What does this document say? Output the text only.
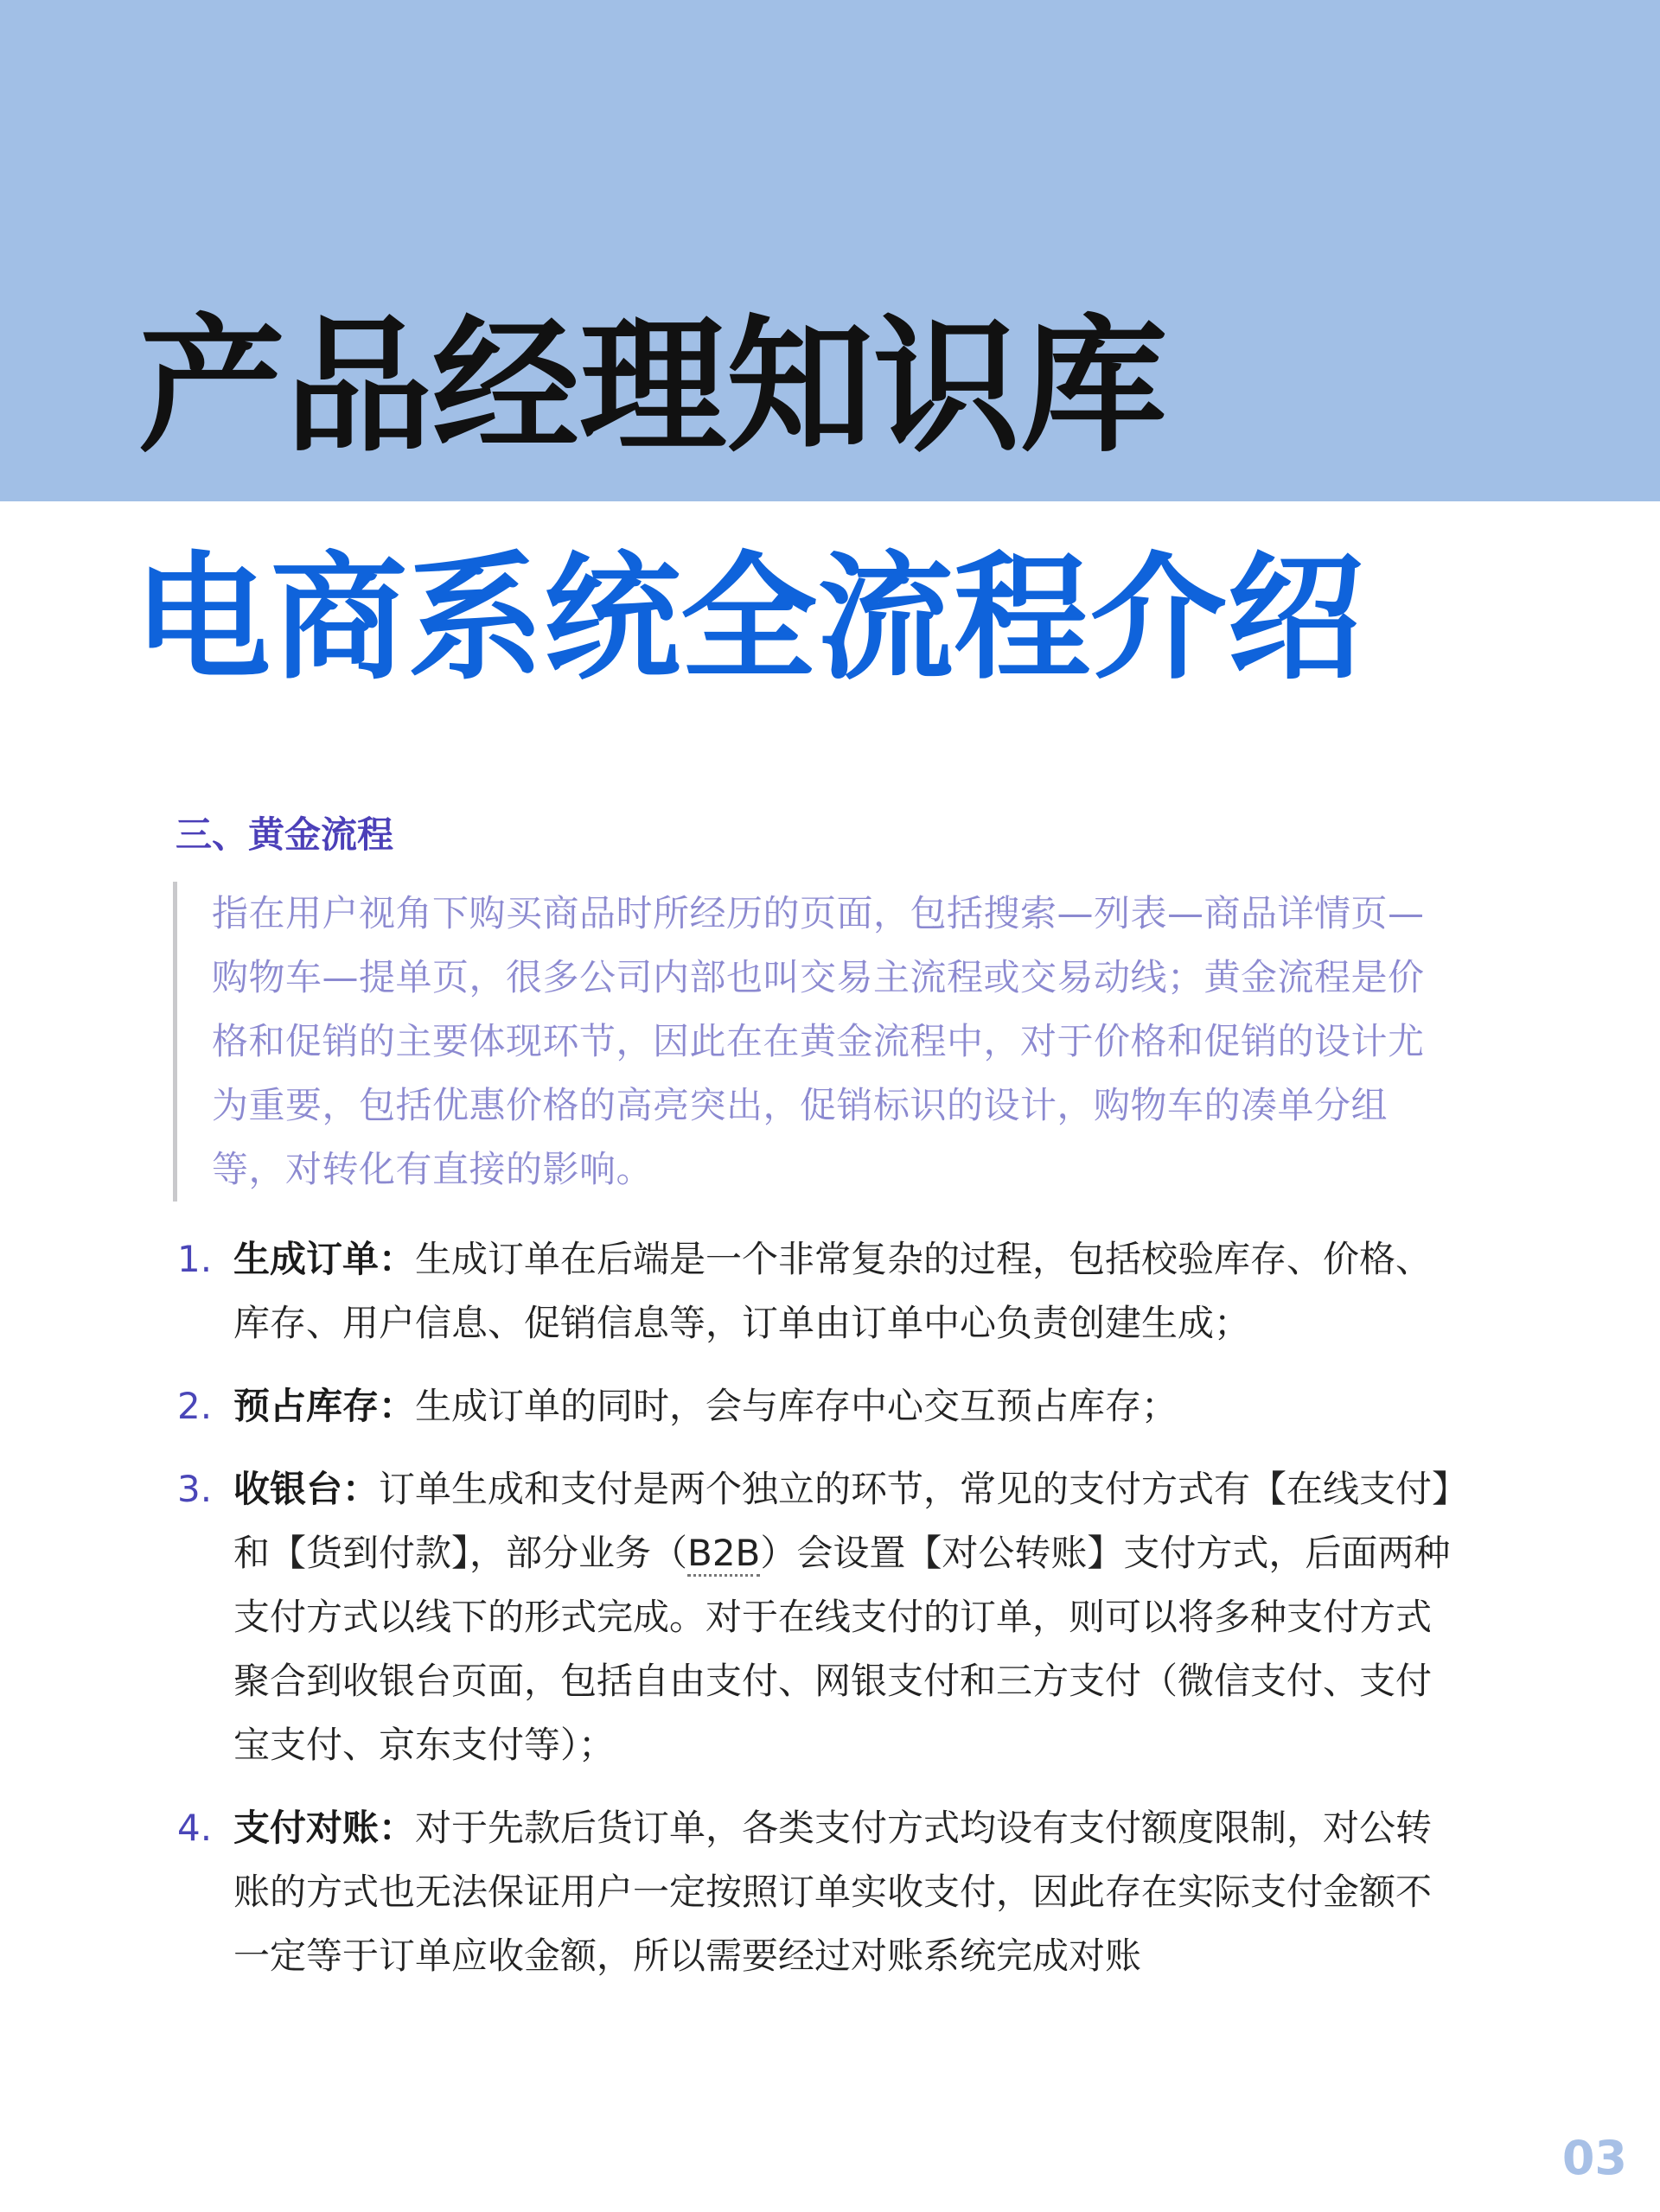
产品经理知识库
电商系统全流程介绍
三、黄金流程

指在用户视角下购买商品时所经历的页面，包括搜索—列表—商品详情页—购物车—提单页，很多公司内部也叫交易主流程或交易动线；黄金流程是价格和促销的主要体现环节，因此在在黄金流程中，对于价格和促销的设计尤为重要，包括优惠价格的高亮突出，促销标识的设计，购物车的凑单分组等，对转化有直接的影响。

1. 生成订单：生成订单在后端是一个非常复杂的过程，包括校验库存、价格、库存、用户信息、促销信息等，订单由订单中心负责创建生成；
2. 预占库存：生成订单的同时，会与库存中心交互预占库存；
3. 收银台：订单生成和支付是两个独立的环节，常见的支付方式有【在线支付】和【货到付款】，部分业务（B2B）会设置【对公转账】支付方式，后面两种支付方式以线下的形式完成。对于在线支付的订单，则可以将多种支付方式聚合到收银台页面，包括自由支付、网银支付和三方支付（微信支付、支付宝支付、京东支付等）；
4. 支付对账：对于先款后货订单，各类支付方式均设有支付额度限制，对公转账的方式也无法保证用户一定按照订单实收支付，因此存在实际支付金额不一定等于订单应收金额，所以需要经过对账系统完成对账
03
